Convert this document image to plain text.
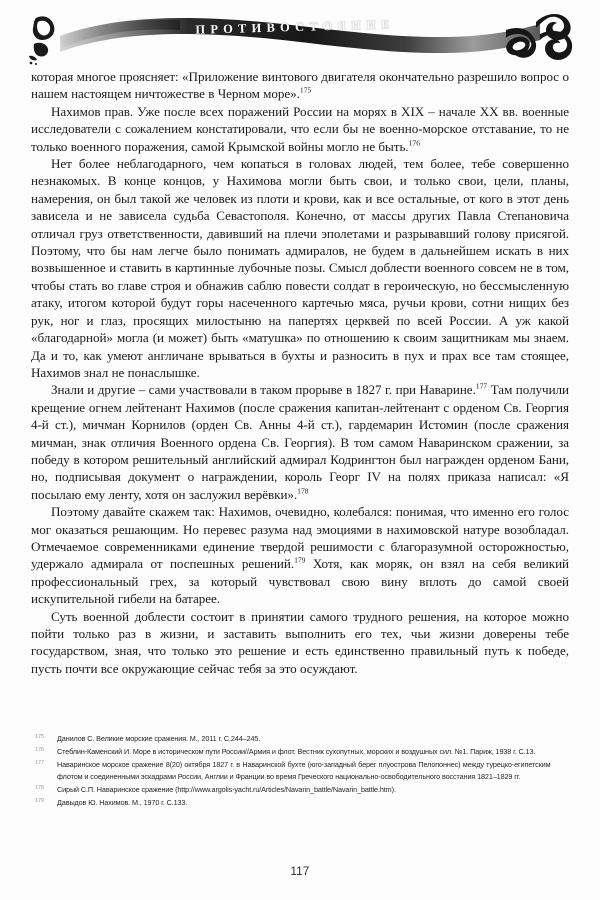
ПРОТИВОСТОЯНИЕ

которая многое проясняет: «Приложение винтового двигателя окончательно разрешило вопрос о нашем настоящем ничтожестве в Черном море».$^{175}$

Нахимов прав. Уже после всех поражений России на морях в XIX – начале XX вв. военные исследователи с сожалением констатировали, что если бы не военно-морское отставание, то не только военного поражения, самой Крымской войны могло не быть.$^{176}$

Нет более неблагодарного, чем копаться в головах людей, тем более, тебе совершенно незнакомых. В конце концов, у Нахимова могли быть свои, и только свои, цели, планы, намерения, он был такой же человек из плоти и крови, как и все остальные, от кого в этот день зависела и не зависела судьба Севастополя. Конечно, от массы других Павла Степановича отличал груз ответственности, давивший на плечи эполетами и разрывавший голову присягой. Поэтому, что бы нам легче было понимать адмиралов, не будем в дальнейшем искать в них возвышенное и ставить в картинные лубочные позы. Смысл доблести военного совсем не в том, чтобы стать во главе строя и обнажив саблю повести солдат в героическую, но бессмысленную атаку, итогом которой будут горы насеченного картечью мяса, ручьи крови, сотни нищих без рук, ног и глаз, просящих милостыню на папертях церквей по всей России. А уж какой «благодарной» могла (и может) быть «матушка» по отношению к своим защитникам мы знаем. Да и то, как умеют англичане врываться в бухты и разносить в пух и прах все там стоящее, Нахимов знал не понаслышке.

Знали и другие – сами участвовали в таком прорыве в 1827 г. при Наварине.$^{177}$ Там получили крещение огнем лейтенант Нахимов (после сражения капитан-лейтенант с орденом Св. Георгия 4-й ст.), мичман Корнилов (орден Св. Анны 4-й ст.), гардемарин Истомин (после сражения мичман, знак отличия Военного ордена Св. Георгия). В том самом Наваринском сражении, за победу в котором решительный английский адмирал Кодрингтон был награжден орденом Бани, но, подписывая документ о награждении, король Георг IV на полях приказа написал: «Я посылаю ему ленту, хотя он заслужил верёвки».$^{178}$

Поэтому давайте скажем так: Нахимов, очевидно, колебался: понимая, что именно его голос мог оказаться решающим. Но перевес разума над эмоциями в нахимовской натуре возобладал. Отмечаемое современниками единение твердой решимости с благоразумной осторожностью, удержало адмирала от поспешных решений.$^{179}$ Хотя, как моряк, он взял на себя великий профессиональный грех, за который чувствовал свою вину вплоть до самой своей искупительной гибели на батарее.

Суть военной доблести состоит в принятии самого трудного решения, на которое можно пойти только раз в жизни, и заставить выполнить его тех, чьи жизни доверены тебе государством, зная, что только это решение и есть единственно правильный путь к победе, пусть почти все окружающие сейчас тебя за это осуждают.

175	Данилов С. Великие морские сражения. М., 2011 г. С.244–245.
176	Стеблин-Каменский И. Море в историческом пути России//Армия и флот. Вестник сухопутных, морских и воздушных сил. №1. Париж, 1938 г. С.13.
177	Наваринское морское сражение 8(20) октября 1827 г. в Наваринской бухте (юго-западный берег плуострова Пелопоннес) между турецко-египетским флотом и соединенными эскадрами России, Англии и Франции во время Греческого национально-освободительного восстания 1821–1829 гг.
178	Сирый С.П. Наваринское сражение (http://www.argolis-yacht.ru/Articles/Navarin_battle/Navarin_battle.htm).
179	Давыдов Ю. Нахимов. М., 1970 г. С.133.
117
